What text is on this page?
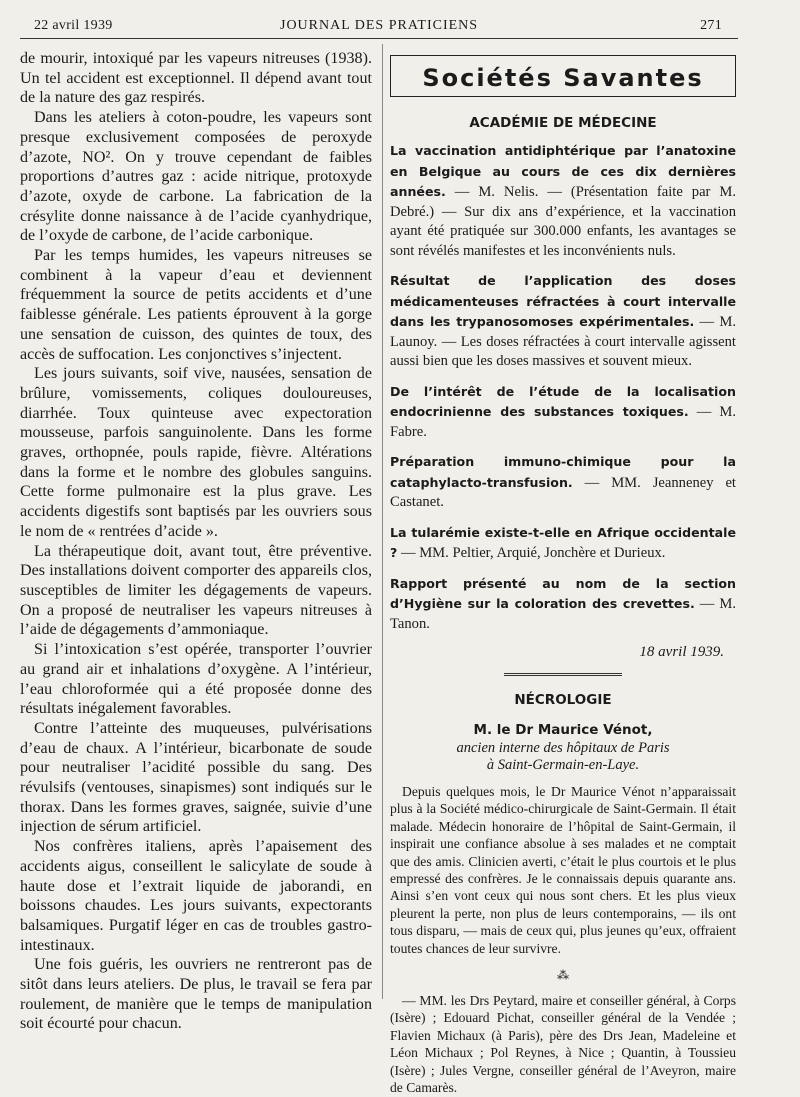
22 avril 1939	JOURNAL DES PRATICIENS	271

de mourir, intoxiqué par les vapeurs nitreuses (1938). Un tel accident est exceptionnel. Il dépend avant tout de la nature des gaz respirés.

Dans les ateliers à coton-poudre, les vapeurs sont presque exclusivement composées de peroxyde d’azote, NO². On y trouve cependant de faibles proportions d’autres gaz : acide nitrique, protoxyde d’azote, oxyde de carbone. La fabrication de la crésylite donne naissance à de l’acide cyanhydrique, de l’oxyde de carbone, de l’acide carbonique.

Par les temps humides, les vapeurs nitreuses se combinent à la vapeur d’eau et deviennent fréquemment la source de petits accidents et d’une faiblesse générale. Les patients éprouvent à la gorge une sensation de cuisson, des quintes de toux, des accès de suffocation. Les conjonctives s’injectent.

Les jours suivants, soif vive, nausées, sensation de brûlure, vomissements, coliques douloureuses, diarrhée. Toux quinteuse avec expectoration mousseuse, parfois sanguinolente. Dans les forme graves, orthopnée, pouls rapide, fièvre. Altérations dans la forme et le nombre des globules sanguins. Cette forme pulmonaire est la plus grave. Les accidents digestifs sont baptisés par les ouvriers sous le nom de « rentrées d’acide ».

La thérapeutique doit, avant tout, être préventive. Des installations doivent comporter des appareils clos, susceptibles de limiter les dégagements de vapeurs. On a proposé de neutraliser les vapeurs nitreuses à l’aide de dégagements d’ammoniaque.

Si l’intoxication s’est opérée, transporter l’ouvrier au grand air et inhalations d’oxygène. A l’intérieur, l’eau chloroformée qui a été proposée donne des résultats inégalement favorables.

Contre l’atteinte des muqueuses, pulvérisations d’eau de chaux. A l’intérieur, bicarbonate de soude pour neutraliser l’acidité possible du sang. Des révulsifs (ventouses, sinapismes) sont indiqués sur le thorax. Dans les formes graves, saignée, suivie d’une injection de sérum artificiel.

Nos confrères italiens, après l’apaisement des accidents aigus, conseillent le salicylate de soude à haute dose et l’extrait liquide de jaborandi, en boissons chaudes. Les jours suivants, expectorants balsamiques. Purgatif léger en cas de troubles gastro-intestinaux.

Une fois guéris, les ouvriers ne rentreront pas de sitôt dans leurs ateliers. De plus, le travail se fera par roulement, de manière que le temps de manipulation soit écourté pour chacun.

Sociétés Savantes

ACADÉMIE DE MÉDECINE

La vaccination antidiphtérique par l’anatoxine en Belgique au cours de ces dix dernières années. — M. Nelis. — (Présentation faite par M. Debré.) — Sur dix ans d’expérience, et la vaccination ayant été pratiquée sur 300.000 enfants, les avantages se sont révélés manifestes et les inconvénients nuls.

Résultat de l’application des doses médicamenteuses réfractées à court intervalle dans les trypanosomoses expérimentales. — M. Launoy. — Les doses réfractées à court intervalle agissent aussi bien que les doses massives et souvent mieux.

De l’intérêt de l’étude de la localisation endocrinienne des substances toxiques. — M. Fabre.

Préparation immuno-chimique pour la cataphylacto-transfusion. — MM. Jeanneney et Castanet.

La tularémie existe-t-elle en Afrique occidentale ? — MM. Peltier, Arquié, Jonchère et Durieux.

Rapport présenté au nom de la section d’Hygiène sur la coloration des crevettes. — M. Tanon.

18 avril 1939.

NÉCROLOGIE

M. le Dr Maurice Vénot,

ancien interne des hôpitaux de Paris

à Saint-Germain-en-Laye.

Depuis quelques mois, le Dr Maurice Vénot n’apparaissait plus à la Société médico-chirurgicale de Saint-Germain. Il était malade. Médecin honoraire de l’hôpital de Saint-Germain, il inspirait une confiance absolue à ses malades et ne comptait que des amis. Clinicien averti, c’était le plus courtois et le plus empressé des confrères. Je le connaissais depuis quarante ans. Ainsi s’en vont ceux qui nous sont chers. Et les plus vieux pleurent la perte, non plus de leurs contemporains, — ils ont tous disparu, — mais de ceux qui, plus jeunes qu’eux, offraient toutes chances de leur survivre.

⁂

— MM. les Drs Peytard, maire et conseiller général, à Corps (Isère) ; Edouard Pichat, conseiller général de la Vendée ; Flavien Michaux (à Paris), père des Drs Jean, Madeleine et Léon Michaux ; Pol Reynes, à Nice ; Quantin, à Toussieu (Isère) ; Jules Vergne, conseiller général de l’Aveyron, maire de Camarès.
